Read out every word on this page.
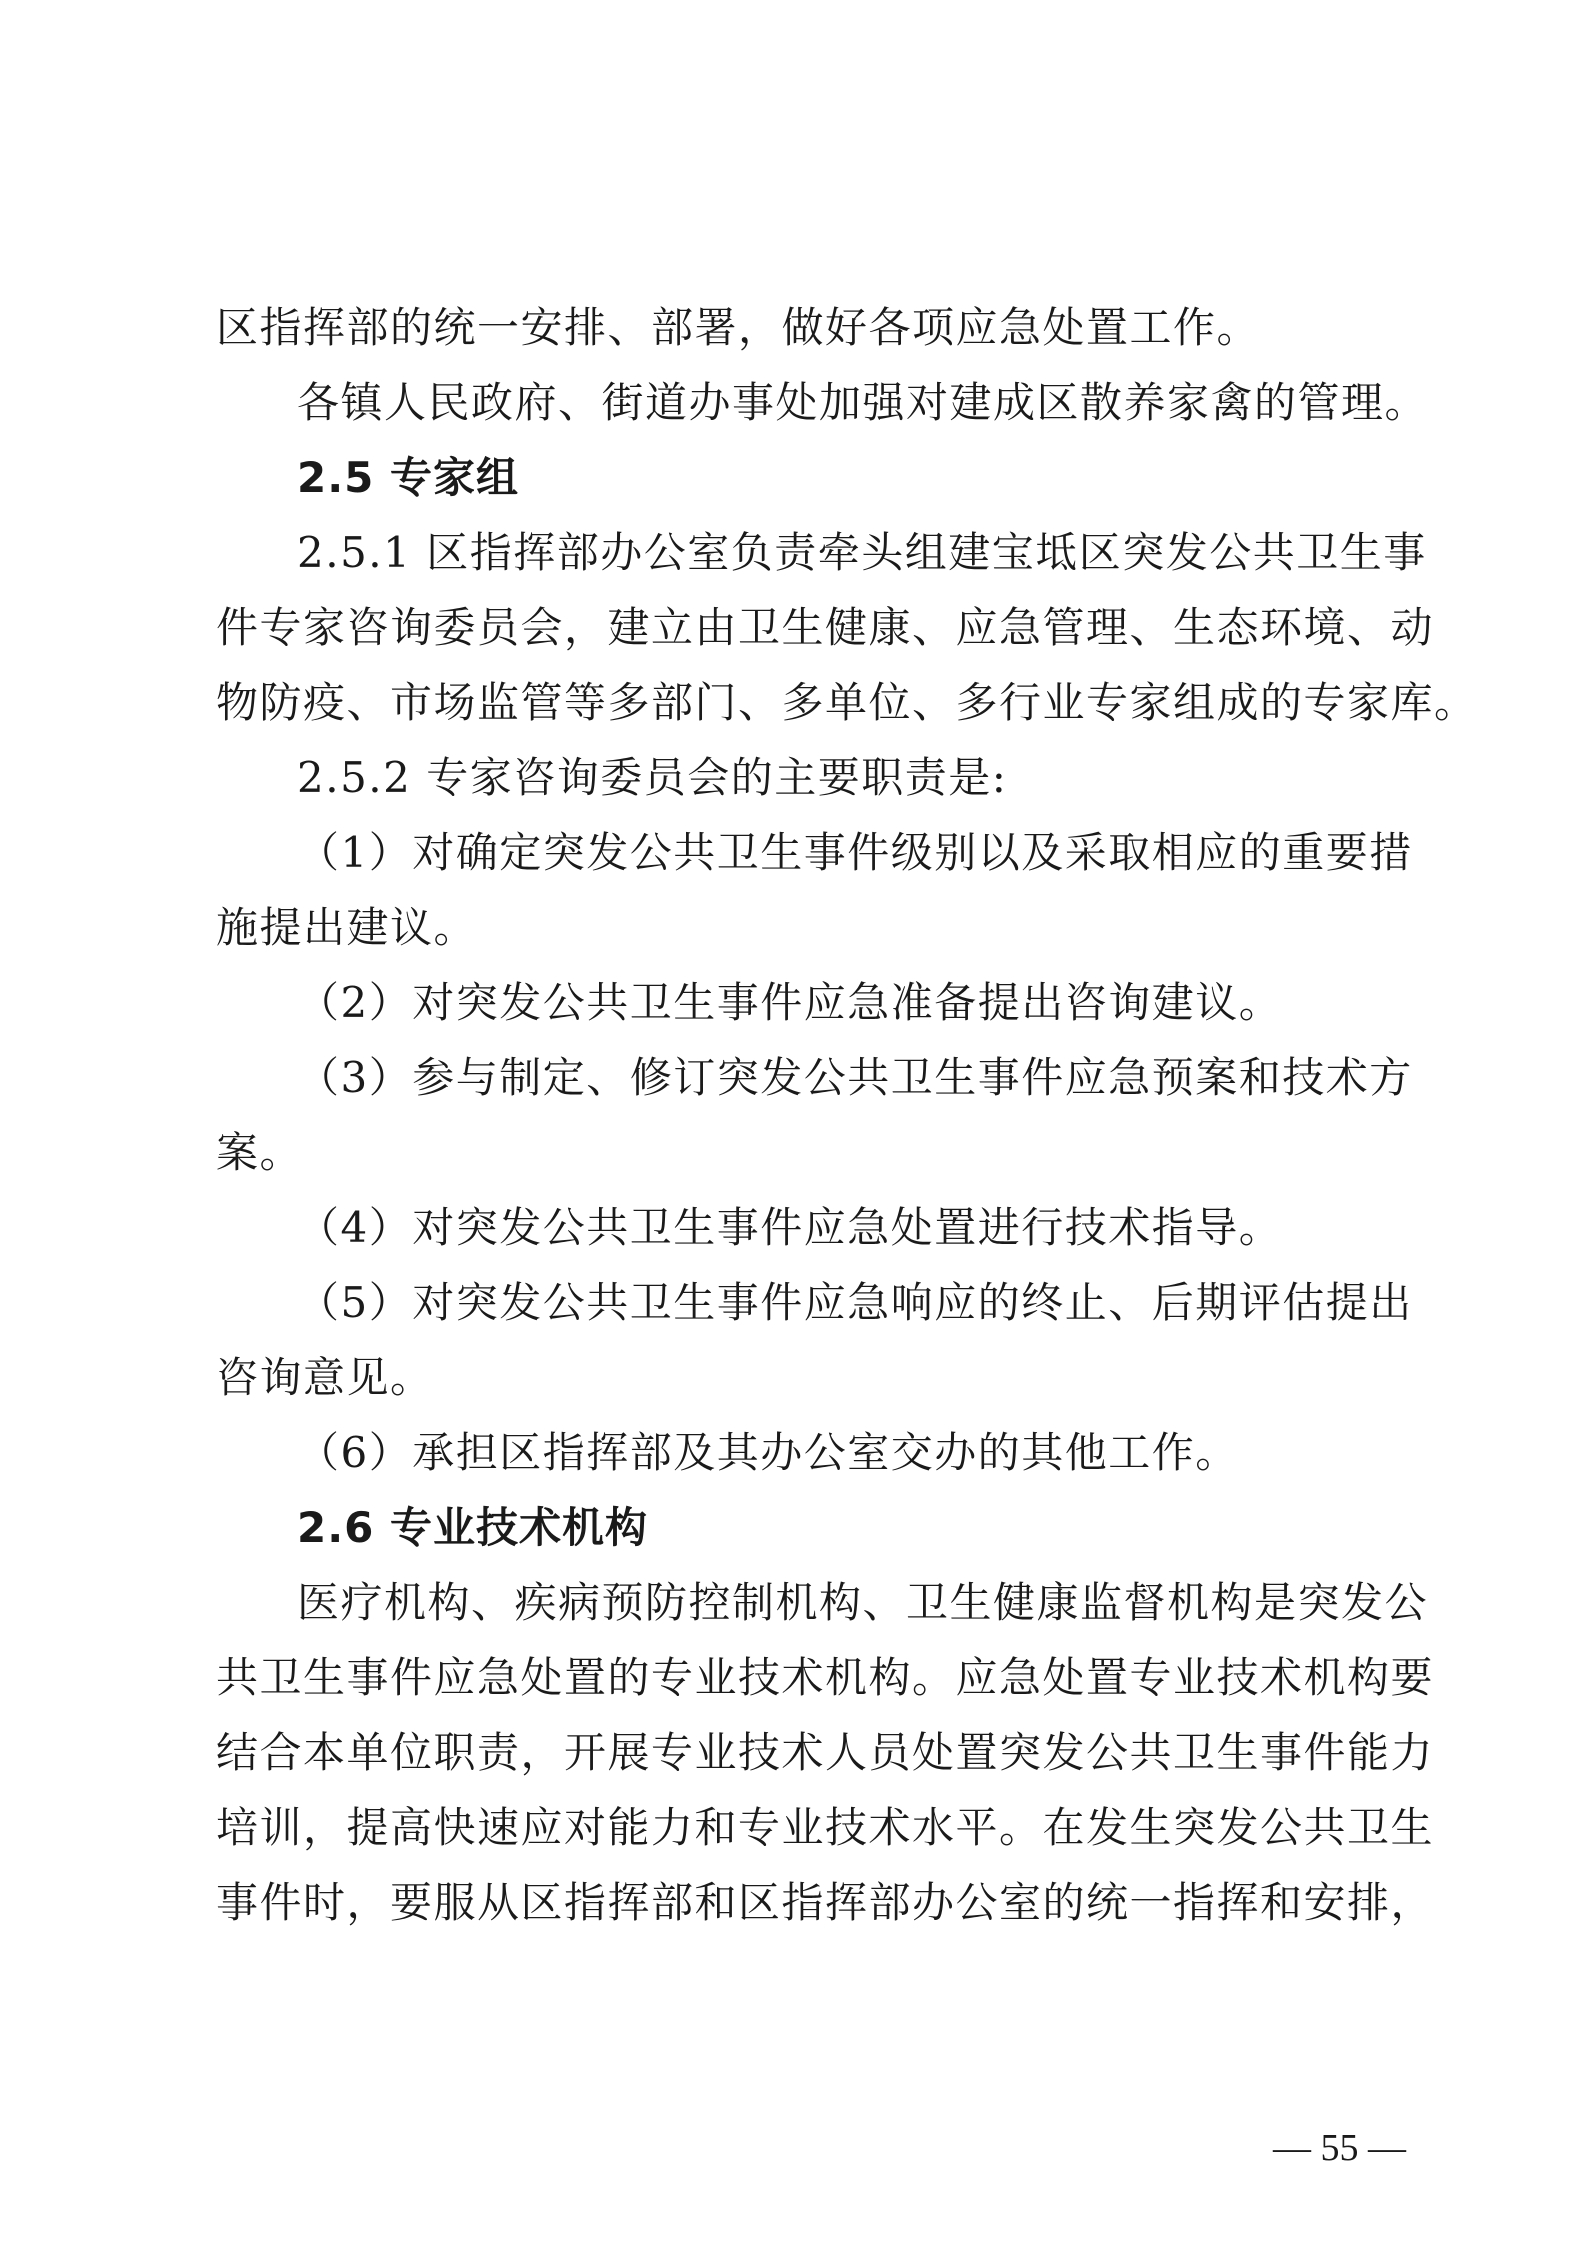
区指挥部的统一安排、部署，做好各项应急处置工作。
各镇人民政府、街道办事处加强对建成区散养家禽的管理。
2.5 专家组
2.5.1 区指挥部办公室负责牵头组建宝坻区突发公共卫生事
件专家咨询委员会，建立由卫生健康、应急管理、生态环境、动
物防疫、市场监管等多部门、多单位、多行业专家组成的专家库。
2.5.2 专家咨询委员会的主要职责是:
（1）对确定突发公共卫生事件级别以及采取相应的重要措
施提出建议。
（2）对突发公共卫生事件应急准备提出咨询建议。
（3）参与制定、修订突发公共卫生事件应急预案和技术方
案。
（4）对突发公共卫生事件应急处置进行技术指导。
（5）对突发公共卫生事件应急响应的终止、后期评估提出
咨询意见。
（6）承担区指挥部及其办公室交办的其他工作。
2.6 专业技术机构
医疗机构、疾病预防控制机构、卫生健康监督机构是突发公
共卫生事件应急处置的专业技术机构。应急处置专业技术机构要
结合本单位职责，开展专业技术人员处置突发公共卫生事件能力
培训，提高快速应对能力和专业技术水平。在发生突发公共卫生
事件时，要服从区指挥部和区指挥部办公室的统一指挥和安排，
— 55 —
